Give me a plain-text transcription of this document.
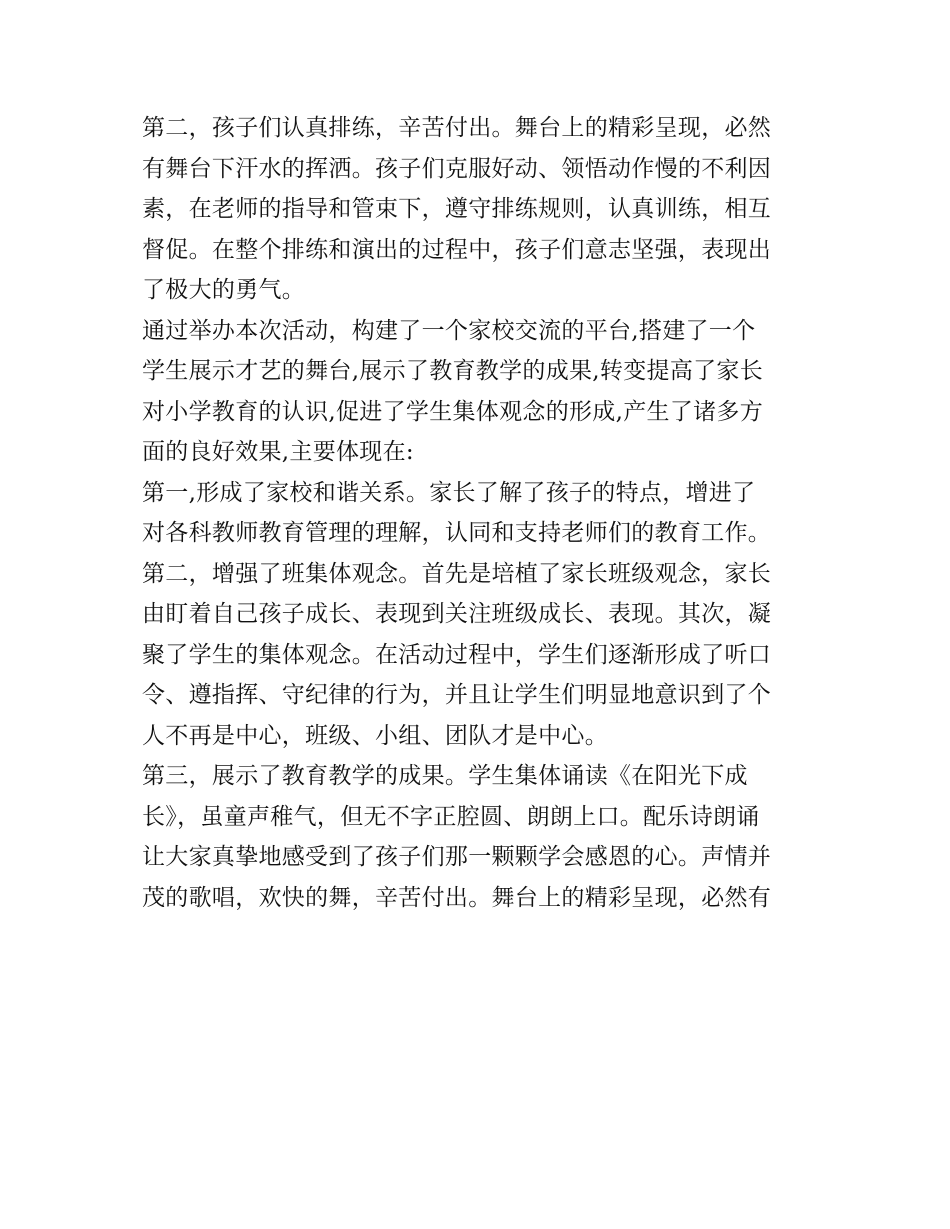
第二，孩子们认真排练，辛苦付出。舞台上的精彩呈现，必然
有舞台下汗水的挥洒。孩子们克服好动、领悟动作慢的不利因
素，在老师的指导和管束下，遵守排练规则，认真训练，相互
督促。在整个排练和演出的过程中，孩子们意志坚强，表现出
了极大的勇气。
通过举办本次活动，构建了一个家校交流的平台,搭建了一个
学生展示才艺的舞台,展示了教育教学的成果,转变提高了家长
对小学教育的认识,促进了学生集体观念的形成,产生了诸多方
面的良好效果,主要体现在:
第一,形成了家校和谐关系。家长了解了孩子的特点，增进了
对各科教师教育管理的理解，认同和支持老师们的教育工作。
第二，增强了班集体观念。首先是培植了家长班级观念，家长
由盯着自己孩子成长、表现到关注班级成长、表现。其次，凝
聚了学生的集体观念。在活动过程中，学生们逐渐形成了听口
令、遵指挥、守纪律的行为，并且让学生们明显地意识到了个
人不再是中心，班级、小组、团队才是中心。
第三，展示了教育教学的成果。学生集体诵读《在阳光下成
长》，虽童声稚气，但无不字正腔圆、朗朗上口。配乐诗朗诵
让大家真挚地感受到了孩子们那一颗颗学会感恩的心。声情并
茂的歌唱，欢快的舞，辛苦付出。舞台上的精彩呈现，必然有
